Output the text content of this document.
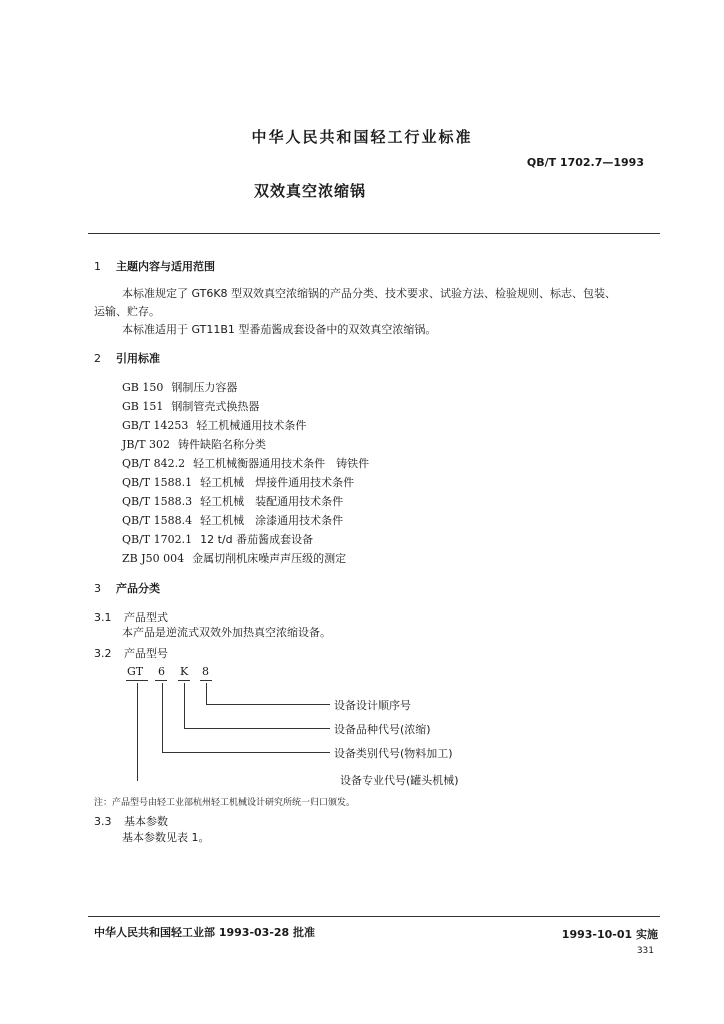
中华人民共和国轻工行业标准
QB/T 1702.7—1993
双效真空浓缩锅
1 主题内容与适用范围
本标准规定了 GT6K8 型双效真空浓缩锅的产品分类、技术要求、试验方法、检验规则、标志、包装、
运输、贮存。
本标准适用于 GT11B1 型番茄酱成套设备中的双效真空浓缩锅。
2 引用标准
GB 150 钢制压力容器
GB 151 钢制管壳式换热器
GB/T 14253 轻工机械通用技术条件
JB/T 302 铸件缺陷名称分类
QB/T 842.2 轻工机械衡器通用技术条件　铸铁件
QB/T 1588.1 轻工机械　焊接件通用技术条件
QB/T 1588.3 轻工机械　装配通用技术条件
QB/T 1588.4 轻工机械　涂漆通用技术条件
QB/T 1702.1 12 t/d 番茄酱成套设备
ZB J50 004 金属切削机床噪声声压级的测定
3 产品分类
3.1 产品型式
本产品是逆流式双效外加热真空浓缩设备。
3.2 产品型号
GT 6 K 8
设备设计顺序号
设备品种代号(浓缩)
设备类别代号(物料加工)
设备专业代号(罐头机械)
注：产品型号由轻工业部杭州轻工机械设计研究所统一归口颁发。
3.3 基本参数
基本参数见表 1。
中华人民共和国轻工业部 1993-03-28 批准	1993-10-01 实施
331
